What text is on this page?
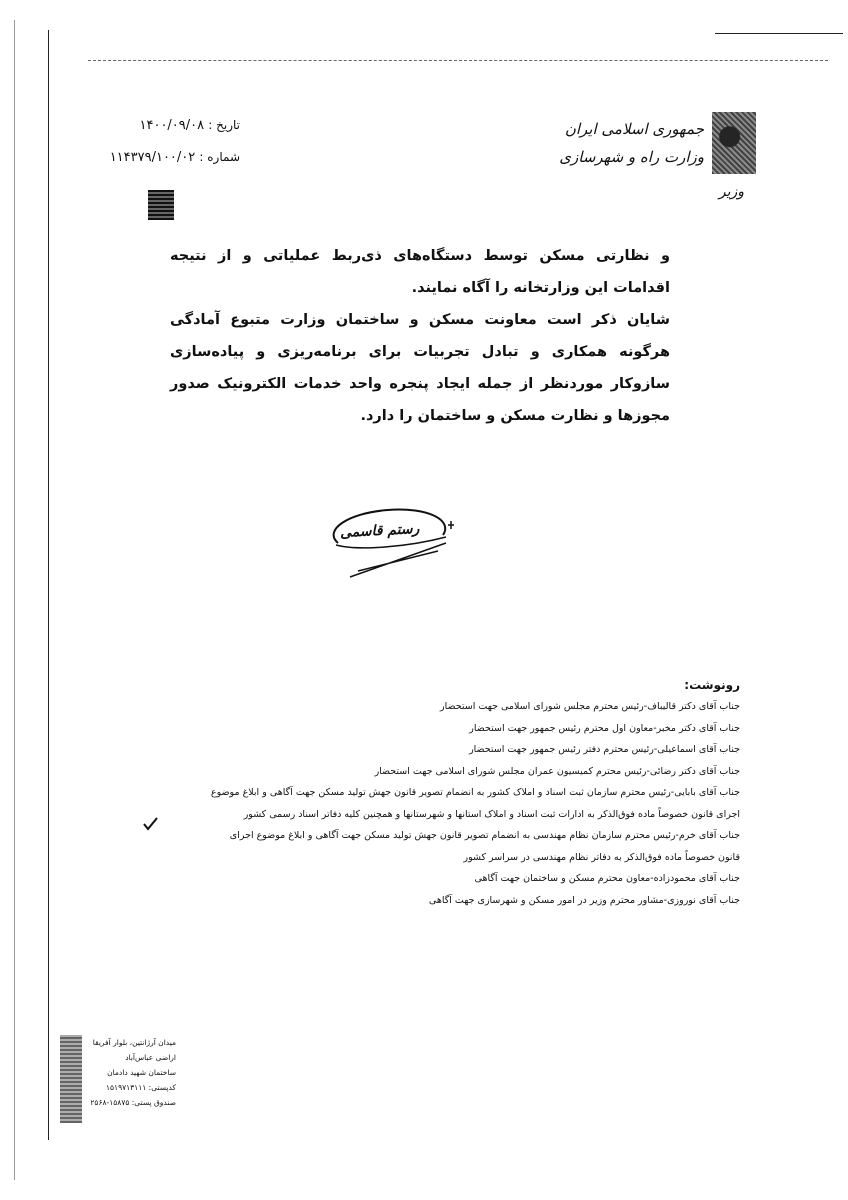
جمهوری اسلامی ایران
وزارت راه و شهرسازی
وزیر
تاریخ : ۱۴۰۰/۰۹/۰۸
شماره : ۱۱۴۳۷۹/۱۰۰/۰۲

و نظارتی مسکن توسط دستگاه‌های ذی‌ربط عملیاتی و از نتیجه اقدامات این وزارتخانه را آگاه نمایند.

شایان ذکر است معاونت مسکن و ساختمان وزارت متبوع آمادگی هرگونه همکاری و تبادل تجربیات برای برنامه‌ریزی و پیاده‌سازی سازوکار موردنظر از جمله ایجاد پنجره واحد خدمات الکترونیک صدور مجوزها و نظارت مسکن و ساختمان را دارد.

رستم قاسمی
رونوشت:
جناب آقای دکتر قالیباف-رئیس محترم مجلس شورای اسلامی جهت استحضار
جناب آقای دکتر مخبر-معاون اول محترم رئیس جمهور جهت استحضار
جناب آقای اسماعیلی-رئیس محترم دفتر رئیس جمهور جهت استحضار
جناب آقای دکتر رضائی-رئیس محترم کمیسیون عمران مجلس شورای اسلامی جهت استحضار
جناب آقای بابایی-رئیس محترم سازمان ثبت اسناد و املاک کشور به انضمام تصویر قانون جهش تولید مسکن جهت آگاهی و ابلاغ موضوع
اجرای قانون خصوصاً ماده فوق‌الذکر به ادارات ثبت اسناد و املاک استانها و شهرستانها و همچنین کلیه دفاتر اسناد رسمی کشور
جناب آقای خرم-رئیس محترم سازمان نظام مهندسی به انضمام تصویر قانون جهش تولید مسکن جهت آگاهی و ابلاغ موضوع اجرای
قانون خصوصاً ماده فوق‌الذکر به دفاتر نظام مهندسی در سراسر کشور
جناب آقای محمودزاده-معاون محترم مسکن و ساختمان جهت آگاهی
جناب آقای نوروزی-مشاور محترم وزیر در امور مسکن و شهرسازی جهت آگاهی
میدان آرژانتین، بلوار آفریقا
اراضی عباس‌آباد
ساختمان شهید دادمان
کدپستی: ۱۵۱۹۷۱۳۱۱۱
صندوق پستی: ۱۵۸۷۵-۲۵۶۸
